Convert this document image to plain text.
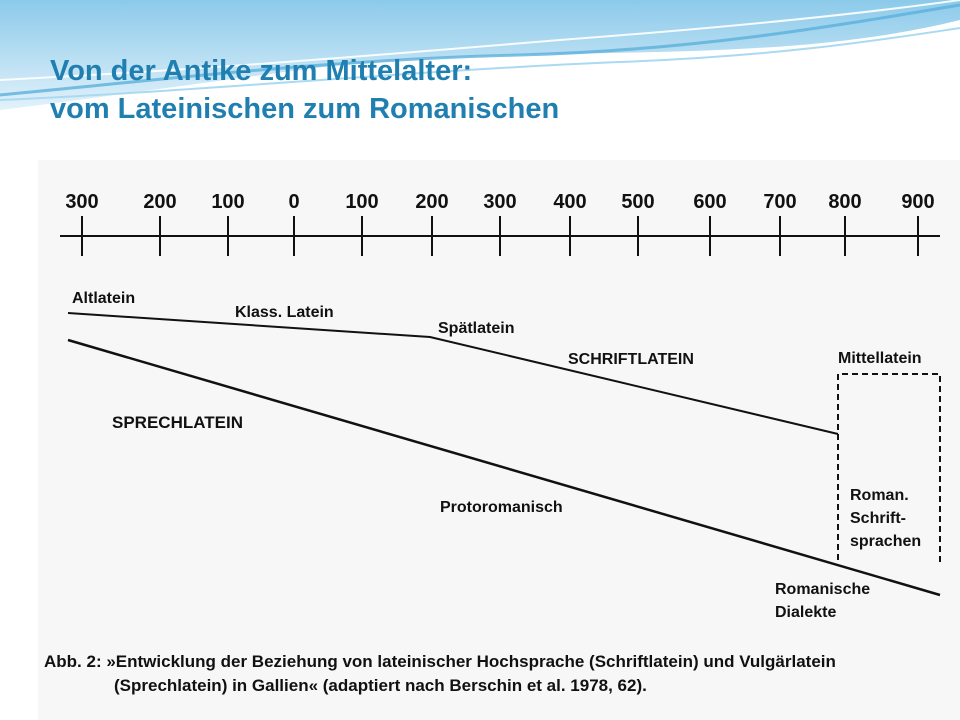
Von der Antike zum Mittelalter:
vom Lateinischen zum Romanischen
300 200 100 0 100 200 300 400 500 600 700 800 900
Altlatein
Klass. Latein
Spätlatein
SCHRIFTLATEIN	Mittellatein
SPRECHLATEIN
Protoromanisch
Roman.
Schrift-
sprachen
Romanische
Dialekte
Abb. 2: »Entwicklung der Beziehung von lateinischer Hochsprache (Schriftlatein) und Vulgärlatein
(Sprechlatein) in Gallien« (adaptiert nach Berschin et al. 1978, 62).
